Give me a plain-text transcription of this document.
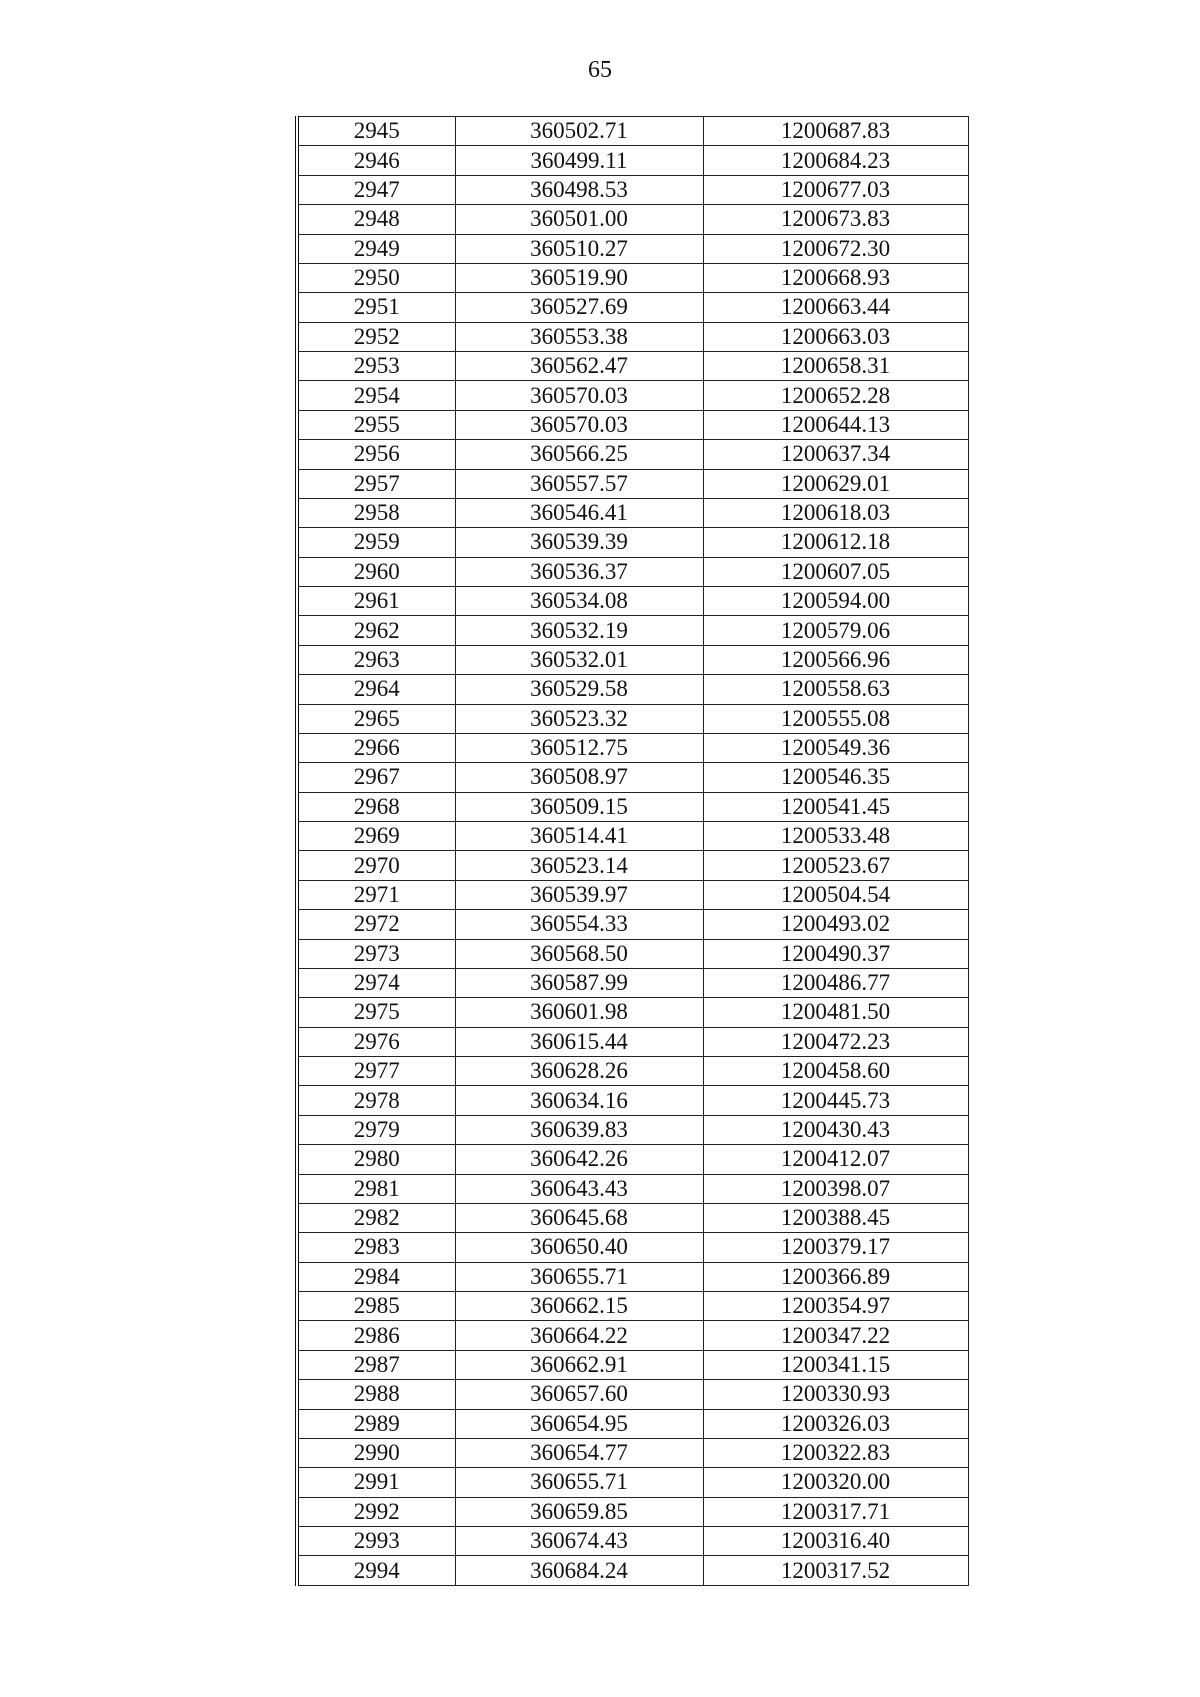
65
2945	360502.71	1200687.83
2946	360499.11	1200684.23
2947	360498.53	1200677.03
2948	360501.00	1200673.83
2949	360510.27	1200672.30
2950	360519.90	1200668.93
2951	360527.69	1200663.44
2952	360553.38	1200663.03
2953	360562.47	1200658.31
2954	360570.03	1200652.28
2955	360570.03	1200644.13
2956	360566.25	1200637.34
2957	360557.57	1200629.01
2958	360546.41	1200618.03
2959	360539.39	1200612.18
2960	360536.37	1200607.05
2961	360534.08	1200594.00
2962	360532.19	1200579.06
2963	360532.01	1200566.96
2964	360529.58	1200558.63
2965	360523.32	1200555.08
2966	360512.75	1200549.36
2967	360508.97	1200546.35
2968	360509.15	1200541.45
2969	360514.41	1200533.48
2970	360523.14	1200523.67
2971	360539.97	1200504.54
2972	360554.33	1200493.02
2973	360568.50	1200490.37
2974	360587.99	1200486.77
2975	360601.98	1200481.50
2976	360615.44	1200472.23
2977	360628.26	1200458.60
2978	360634.16	1200445.73
2979	360639.83	1200430.43
2980	360642.26	1200412.07
2981	360643.43	1200398.07
2982	360645.68	1200388.45
2983	360650.40	1200379.17
2984	360655.71	1200366.89
2985	360662.15	1200354.97
2986	360664.22	1200347.22
2987	360662.91	1200341.15
2988	360657.60	1200330.93
2989	360654.95	1200326.03
2990	360654.77	1200322.83
2991	360655.71	1200320.00
2992	360659.85	1200317.71
2993	360674.43	1200316.40
2994	360684.24	1200317.52
